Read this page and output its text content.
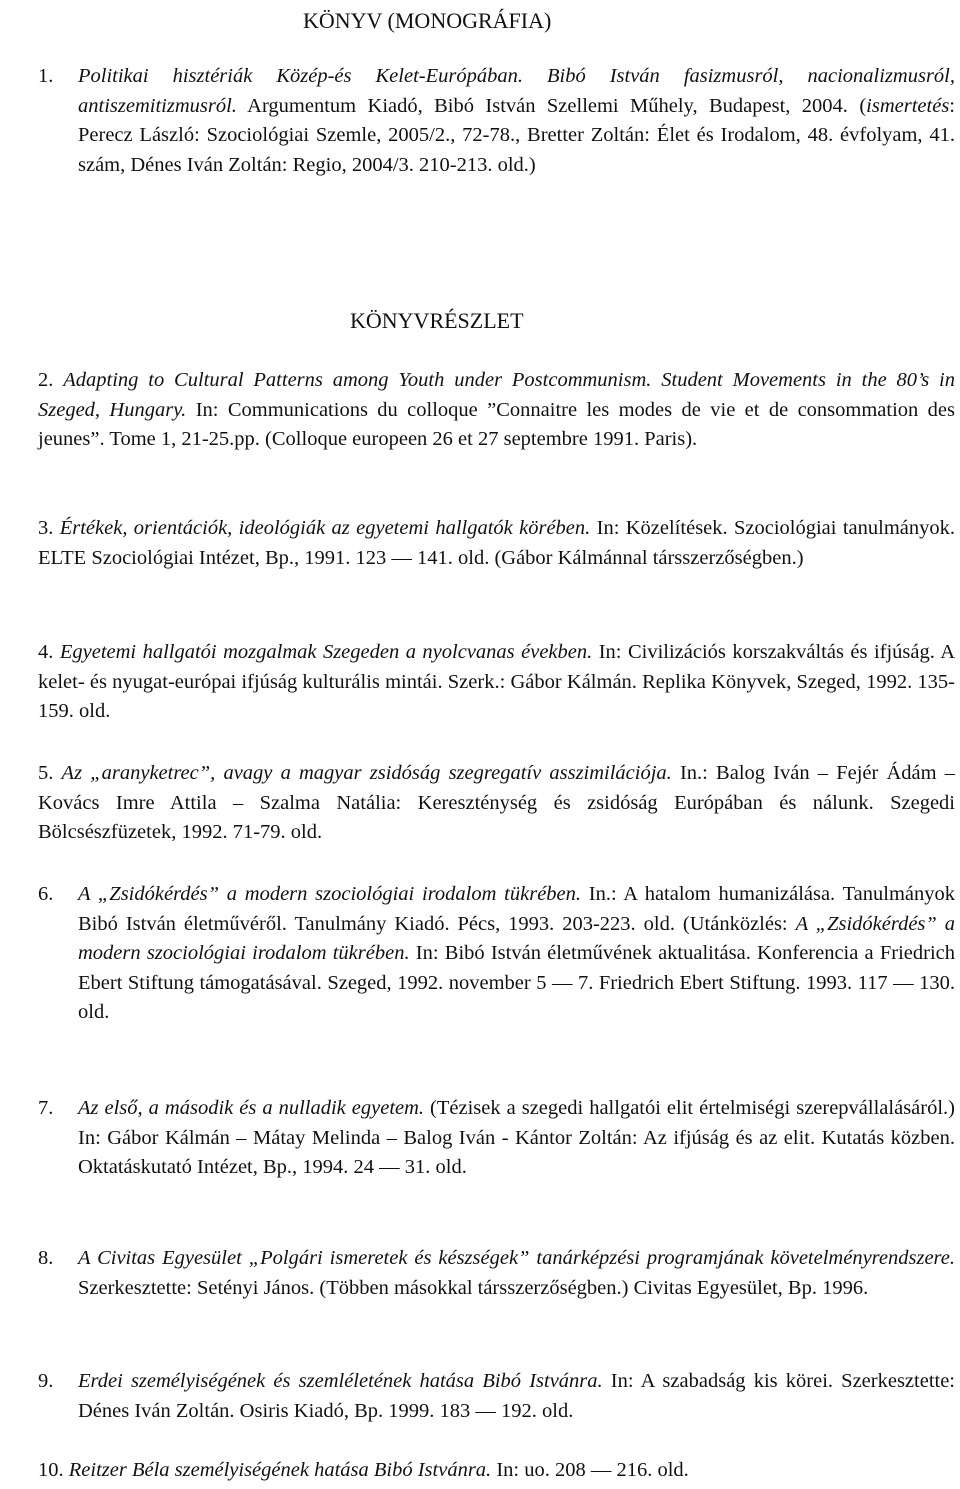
KÖNYV (MONOGRÁFIA)
1. Politikai hisztériák Közép-és Kelet-Európában. Bibó István fasizmusról, nacionalizmusról, antiszemitizmusról. Argumentum Kiadó, Bibó István Szellemi Műhely, Budapest, 2004. (ismertetés: Perecz László: Szociológiai Szemle, 2005/2., 72-78., Bretter Zoltán: Élet és Irodalom, 48. évfolyam, 41. szám, Dénes Iván Zoltán: Regio, 2004/3. 210-213. old.)
KÖNYVRÉSZLET
2. Adapting to Cultural Patterns among Youth under Postcommunism. Student Movements in the 80’s in Szeged, Hungary. In: Communications du colloque ”Connaitre les modes de vie et de consommation des jeunes”. Tome 1, 21-25.pp. (Colloque europeen 26 et 27 septembre 1991. Paris).
3. Értékek, orientációk, ideológiák az egyetemi hallgatók körében. In: Közelítések. Szociológiai tanulmányok. ELTE Szociológiai Intézet, Bp., 1991. 123 — 141. old. (Gábor Kálmánnal társszerzőségben.)
4. Egyetemi hallgatói mozgalmak Szegeden a nyolcvanas években. In: Civilizációs korszakváltás és ifjúság. A kelet- és nyugat-európai ifjúság kulturális mintái. Szerk.: Gábor Kálmán. Replika Könyvek, Szeged, 1992. 135-159. old.
5. Az „aranyketrec”, avagy a magyar zsidóság szegregatív asszimilációja. In.: Balog Iván – Fejér Ádám – Kovács Imre Attila – Szalma Natália: Kereszténység és zsidóság Európában és nálunk. Szegedi Bölcsészfüzetek, 1992. 71-79. old.
6. A „Zsidókérdés” a modern szociológiai irodalom tükrében. In.: A hatalom humanizálása. Tanulmányok Bibó István életművéről. Tanulmány Kiadó. Pécs, 1993. 203-223. old. (Utánközlés: A „Zsidókérdés” a modern szociológiai irodalom tükrében. In: Bibó István életművének aktualitása. Konferencia a Friedrich Ebert Stiftung támogatásával. Szeged, 1992. november 5 — 7. Friedrich Ebert Stiftung. 1993. 117 — 130. old.
7. Az első, a második és a nulladik egyetem. (Tézisek a szegedi hallgatói elit értelmiségi szerepvállalásáról.) In: Gábor Kálmán – Mátay Melinda – Balog Iván - Kántor Zoltán: Az ifjúság és az elit. Kutatás közben. Oktatáskutató Intézet, Bp., 1994. 24 — 31. old.
8. A Civitas Egyesület „Polgári ismeretek és készségek” tanárképzési programjának követelményrendszere. Szerkesztette: Setényi János. (Többen másokkal társszerzőségben.) Civitas Egyesület, Bp. 1996.
9. Erdei személyiségének és szemléletének hatása Bibó Istvánra. In: A szabadság kis körei. Szerkesztette: Dénes Iván Zoltán. Osiris Kiadó, Bp. 1999. 183 — 192. old.
10. Reitzer Béla személyiségének hatása Bibó Istvánra. In: uo. 208 — 216. old.
